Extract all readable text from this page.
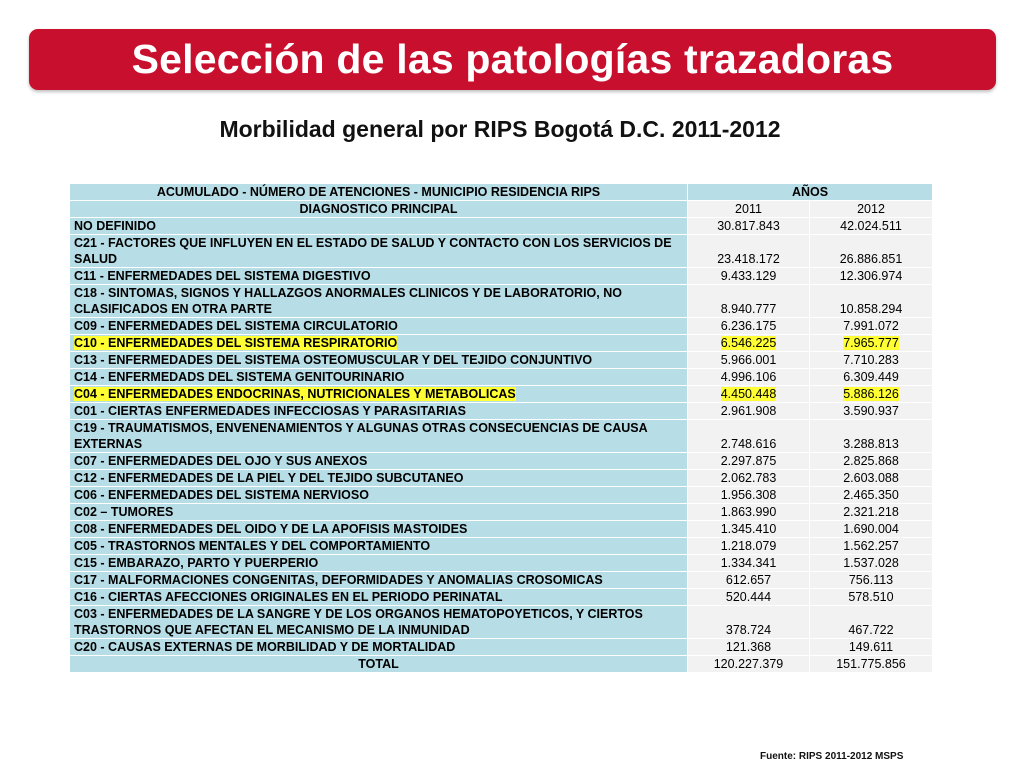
Selección de las patologías trazadoras
Morbilidad general por RIPS Bogotá D.C. 2011-2012
ACUMULADO - NÚMERO DE ATENCIONES - MUNICIPIO RESIDENCIA RIPS	AÑOS	
DIAGNOSTICO PRINCIPAL	2011	2012
NO DEFINIDO	30.817.843	42.024.511
C21 - FACTORES QUE INFLUYEN EN EL ESTADO DE SALUD Y CONTACTO CON LOS SERVICIOS DE SALUD	23.418.172	26.886.851
C11 - ENFERMEDADES DEL SISTEMA DIGESTIVO	9.433.129	12.306.974
C18 - SINTOMAS, SIGNOS Y HALLAZGOS ANORMALES CLINICOS Y DE LABORATORIO, NO CLASIFICADOS EN OTRA PARTE	8.940.777	10.858.294
C09 - ENFERMEDADES DEL SISTEMA CIRCULATORIO	6.236.175	7.991.072
C10 - ENFERMEDADES DEL SISTEMA RESPIRATORIO	6.546.225	7.965.777
C13 - ENFERMEDADES DEL SISTEMA OSTEOMUSCULAR Y DEL TEJIDO CONJUNTIVO	5.966.001	7.710.283
C14 - ENFERMEDADS DEL SISTEMA GENITOURINARIO	4.996.106	6.309.449
C04 - ENFERMEDADES ENDOCRINAS, NUTRICIONALES Y METABOLICAS	4.450.448	5.886.126
C01 - CIERTAS ENFERMEDADES INFECCIOSAS Y PARASITARIAS	2.961.908	3.590.937
C19 - TRAUMATISMOS, ENVENENAMIENTOS Y ALGUNAS OTRAS CONSECUENCIAS DE CAUSA EXTERNAS	2.748.616	3.288.813
C07 - ENFERMEDADES DEL OJO Y SUS ANEXOS	2.297.875	2.825.868
C12 - ENFERMEDADES DE LA PIEL Y DEL TEJIDO SUBCUTANEO	2.062.783	2.603.088
C06 - ENFERMEDADES DEL SISTEMA NERVIOSO	1.956.308	2.465.350
C02 – TUMORES	1.863.990	2.321.218
C08 - ENFERMEDADES DEL OIDO Y DE LA APOFISIS MASTOIDES	1.345.410	1.690.004
C05 - TRASTORNOS MENTALES Y DEL COMPORTAMIENTO	1.218.079	1.562.257
C15 - EMBARAZO, PARTO Y PUERPERIO	1.334.341	1.537.028
C17 - MALFORMACIONES CONGENITAS, DEFORMIDADES Y ANOMALIAS CROSOMICAS	612.657	756.113
C16 - CIERTAS AFECCIONES ORIGINALES EN EL PERIODO PERINATAL	520.444	578.510
C03 - ENFERMEDADES DE LA SANGRE Y DE LOS ORGANOS HEMATOPOYETICOS, Y CIERTOS TRASTORNOS QUE AFECTAN EL MECANISMO DE LA INMUNIDAD	378.724	467.722
C20 - CAUSAS EXTERNAS DE MORBILIDAD Y DE MORTALIDAD	121.368	149.611
TOTAL	120.227.379	151.775.856
Fuente: RIPS 2011-2012 MSPS
